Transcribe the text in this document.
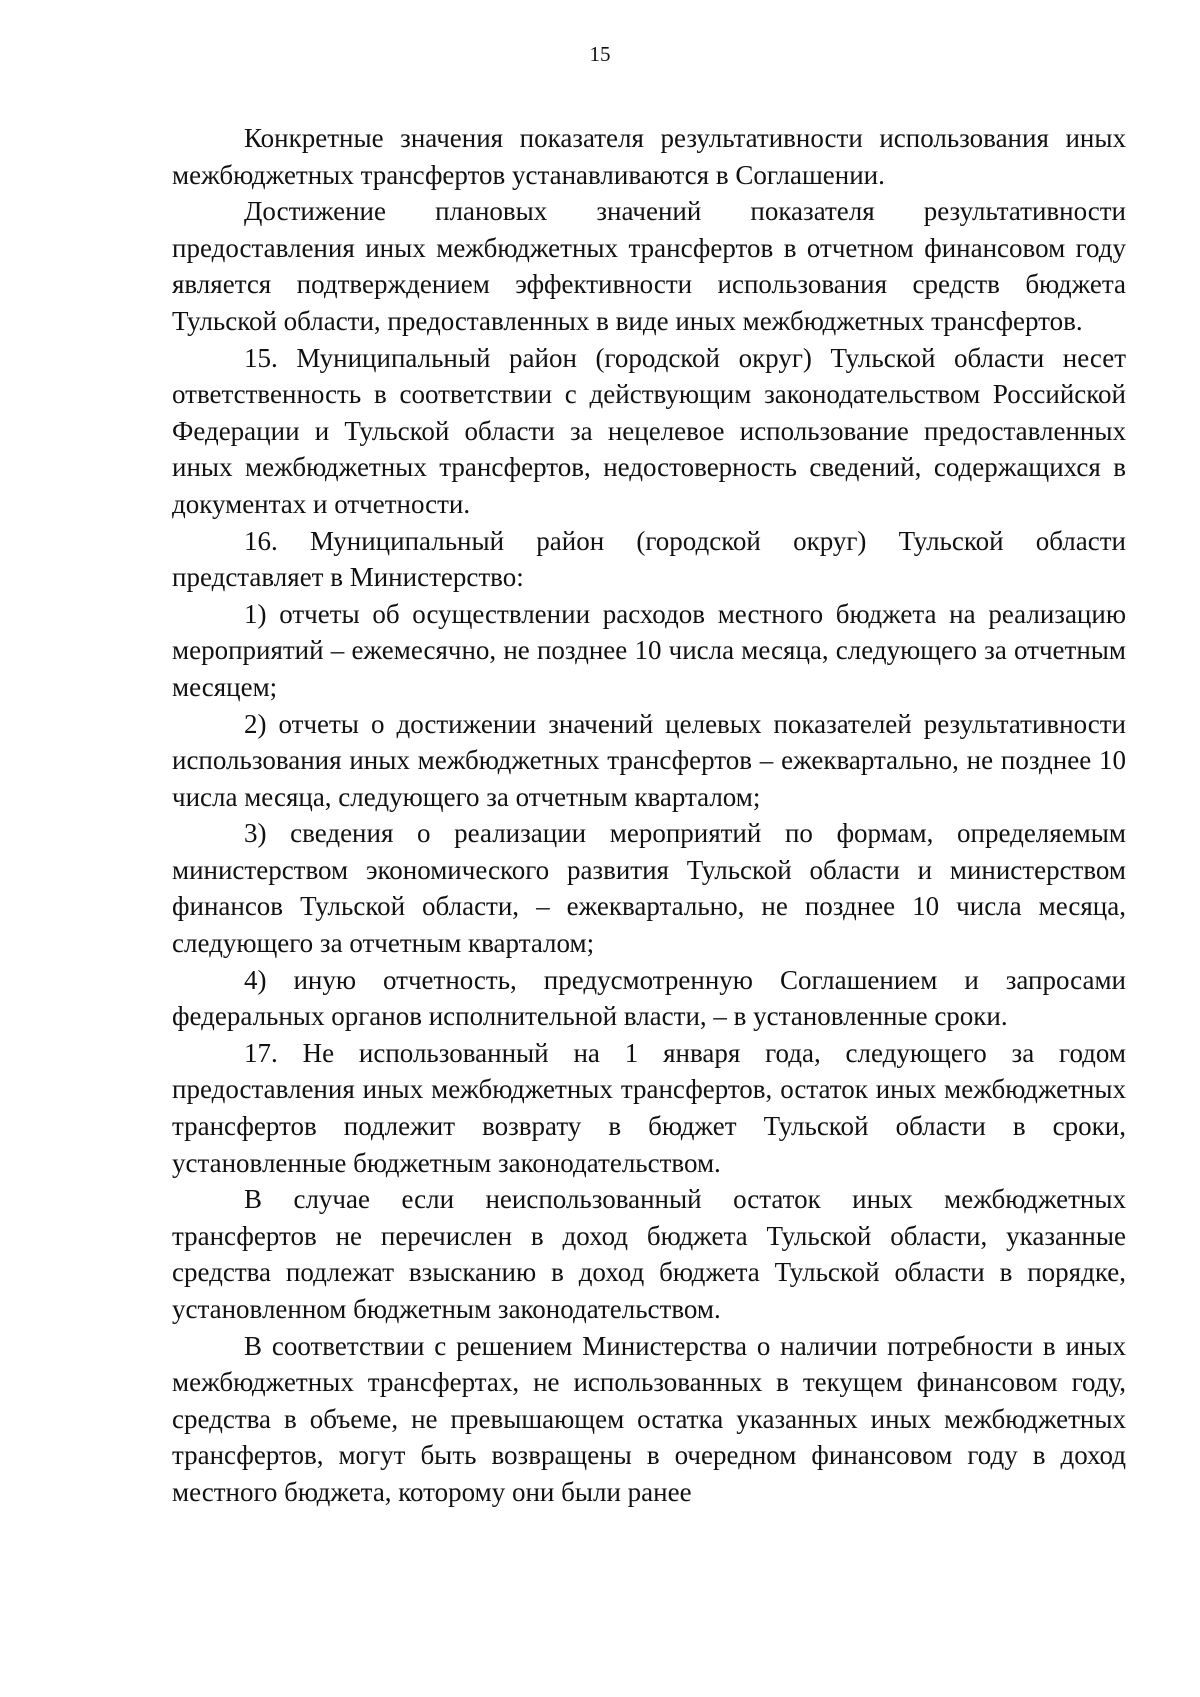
15

Конкретные значения показателя результативности использования иных межбюджетных трансфертов устанавливаются в Соглашении.

Достижение плановых значений показателя результативности предоставления иных межбюджетных трансфертов в отчетном финансовом году является подтверждением эффективности использования средств бюджета Тульской области, предоставленных в виде иных межбюджетных трансфертов.

15. Муниципальный район (городской округ) Тульской области несет ответственность в соответствии с действующим законодательством Российской Федерации и Тульской области за нецелевое использование предоставленных иных межбюджетных трансфертов, недостоверность сведений, содержащихся в документах и отчетности.

16. Муниципальный район (городской округ) Тульской области представляет в Министерство:

1) отчеты об осуществлении расходов местного бюджета на реализацию мероприятий – ежемесячно, не позднее 10 числа месяца, следующего за отчетным месяцем;

2) отчеты о достижении значений целевых показателей результативности использования иных межбюджетных трансфертов – ежеквартально, не позднее 10 числа месяца, следующего за отчетным кварталом;

3) сведения о реализации мероприятий по формам, определяемым министерством экономического развития Тульской области и министерством финансов Тульской области, – ежеквартально, не позднее 10 числа месяца, следующего за отчетным кварталом;

4) иную отчетность, предусмотренную Соглашением и запросами федеральных органов исполнительной власти, – в установленные сроки.

17. Не использованный на 1 января года, следующего за годом предоставления иных межбюджетных трансфертов, остаток иных межбюджетных трансфертов подлежит возврату в бюджет Тульской области в сроки, установленные бюджетным законодательством.

В случае если неиспользованный остаток иных межбюджетных трансфертов не перечислен в доход бюджета Тульской области, указанные средства подлежат взысканию в доход бюджета Тульской области в порядке, установленном бюджетным законодательством.

В соответствии с решением Министерства о наличии потребности в иных межбюджетных трансфертах, не использованных в текущем финансовом году, средства в объеме, не превышающем остатка указанных иных межбюджетных трансфертов, могут быть возвращены в очередном финансовом году в доход местного бюджета, которому они были ранее
